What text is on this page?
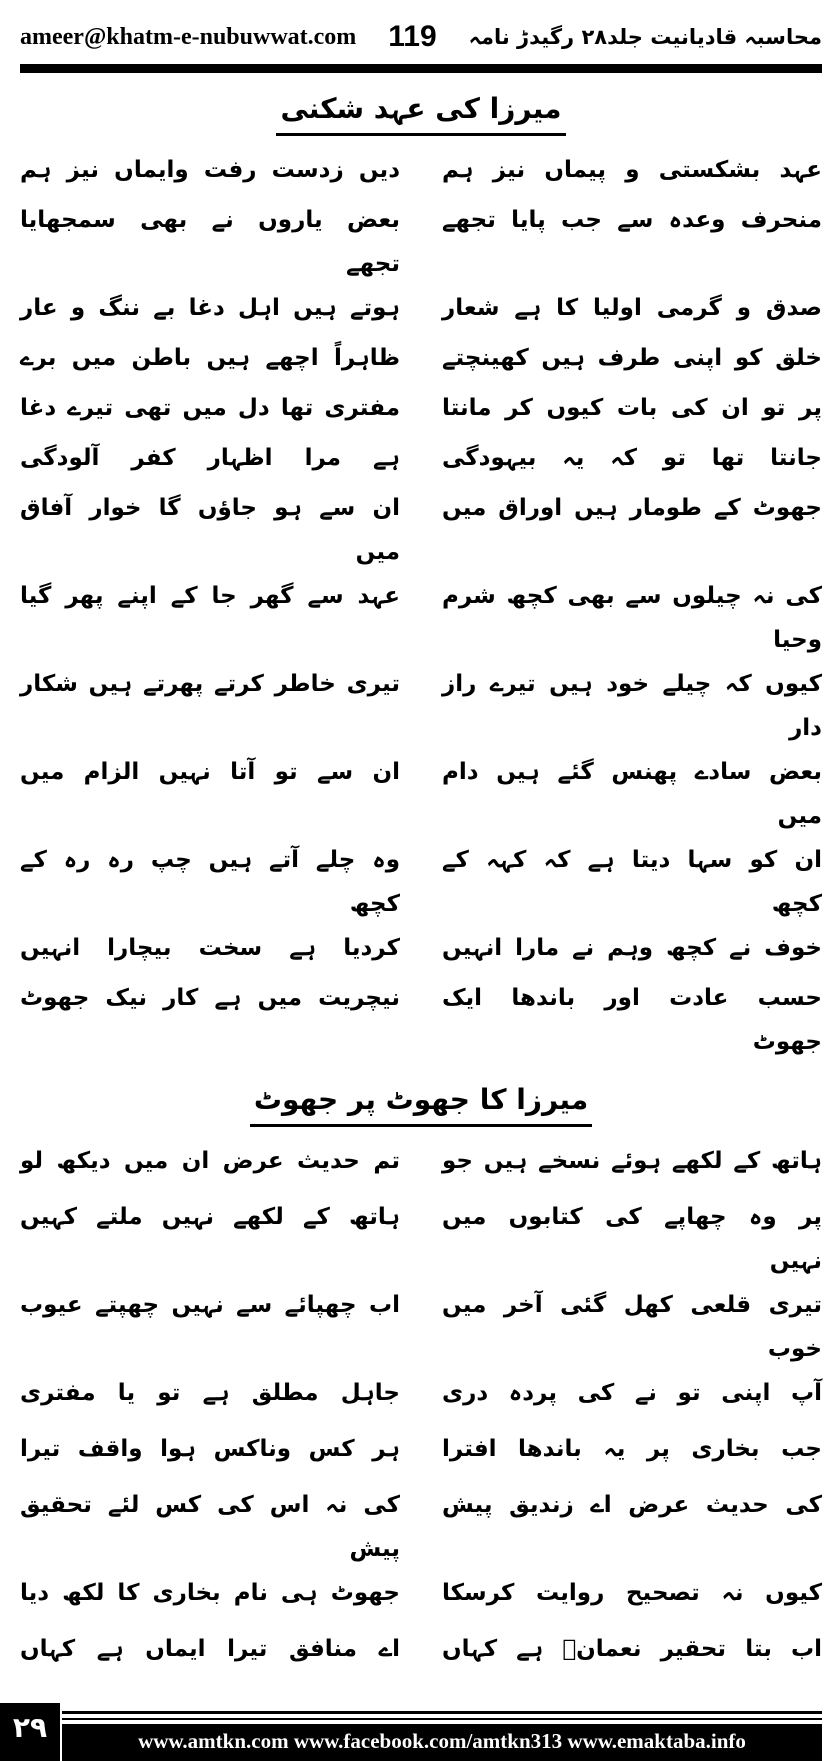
ameer@khatm-e-nubuwwat.com 119 محاسبہ قادیانیت جلد۲۸ رگیدڑ نامہ
میرزا کی عہد شکنی
عہد بشکستی و پیماں نیز ہم
دیں زدست رفت وایماں نیز ہم
منحرف وعدہ سے جب پایا تجھے
بعض یاروں نے بھی سمجھایا تجھے
صدق و گرمی اولیا کا ہے شعار
ہوتے ہیں اہل دغا بے ننگ و عار
خلق کو اپنی طرف ہیں کھینچتے
ظاہراً اچھے ہیں باطن میں برے
پر تو ان کی بات کیوں کر مانتا
مفتری تھا دل میں تھی تیرے دغا
جانتا تھا تو کہ یہ بیہودگی
ہے مرا اظہار کفر آلودگی
جھوٹ کے طومار ہیں اوراق میں
ان سے ہو جاؤں گا خوار آفاق میں
کی نہ چیلوں سے بھی کچھ شرم وحیا
عہد سے گھر جا کے اپنے پھر گیا
کیوں کہ چیلے خود ہیں تیرے راز دار
تیری خاطر کرتے پھرتے ہیں شکار
بعض سادے پھنس گئے ہیں دام میں
ان سے تو آتا نہیں الزام میں
ان کو سہا دیتا ہے کہ کہہ کے کچھ
وہ چلے آتے ہیں چپ رہ رہ کے کچھ
خوف نے کچھ وہم نے مارا انہیں
کردیا ہے سخت بیچارا انہیں
حسب عادت اور باندھا ایک جھوٹ
نیچریت میں ہے کار نیک جھوٹ
میرزا کا جھوٹ پر جھوٹ
ہاتھ کے لکھے ہوئے نسخے ہیں جو
تم حدیث عرض ان میں دیکھ لو
پر وہ چھاپے کی کتابوں میں نہیں
ہاتھ کے لکھے نہیں ملتے کہیں
تیری قلعی کھل گئی آخر میں خوب
اب چھپائے سے نہیں چھپتے عیوب
آپ اپنی تو نے کی پردہ دری
جاہل مطلق ہے تو یا مفتری
جب بخاری پر یہ باندھا افترا
ہر کس وناکس ہوا واقف تیرا
کی حدیث عرض اے زندیق پیش
کی نہ اس کی کس لئے تحقیق پیش
کیوں نہ تصحیح روایت کرسکا
جھوٹ ہی نام بخاری کا لکھ دیا
اب بتا تحقیر نعمانؒ ہے کہاں
اے منافق تیرا ایماں ہے کہاں
۲۹	www.amtkn.com www.facebook.com/amtkn313 www.emaktaba.info
